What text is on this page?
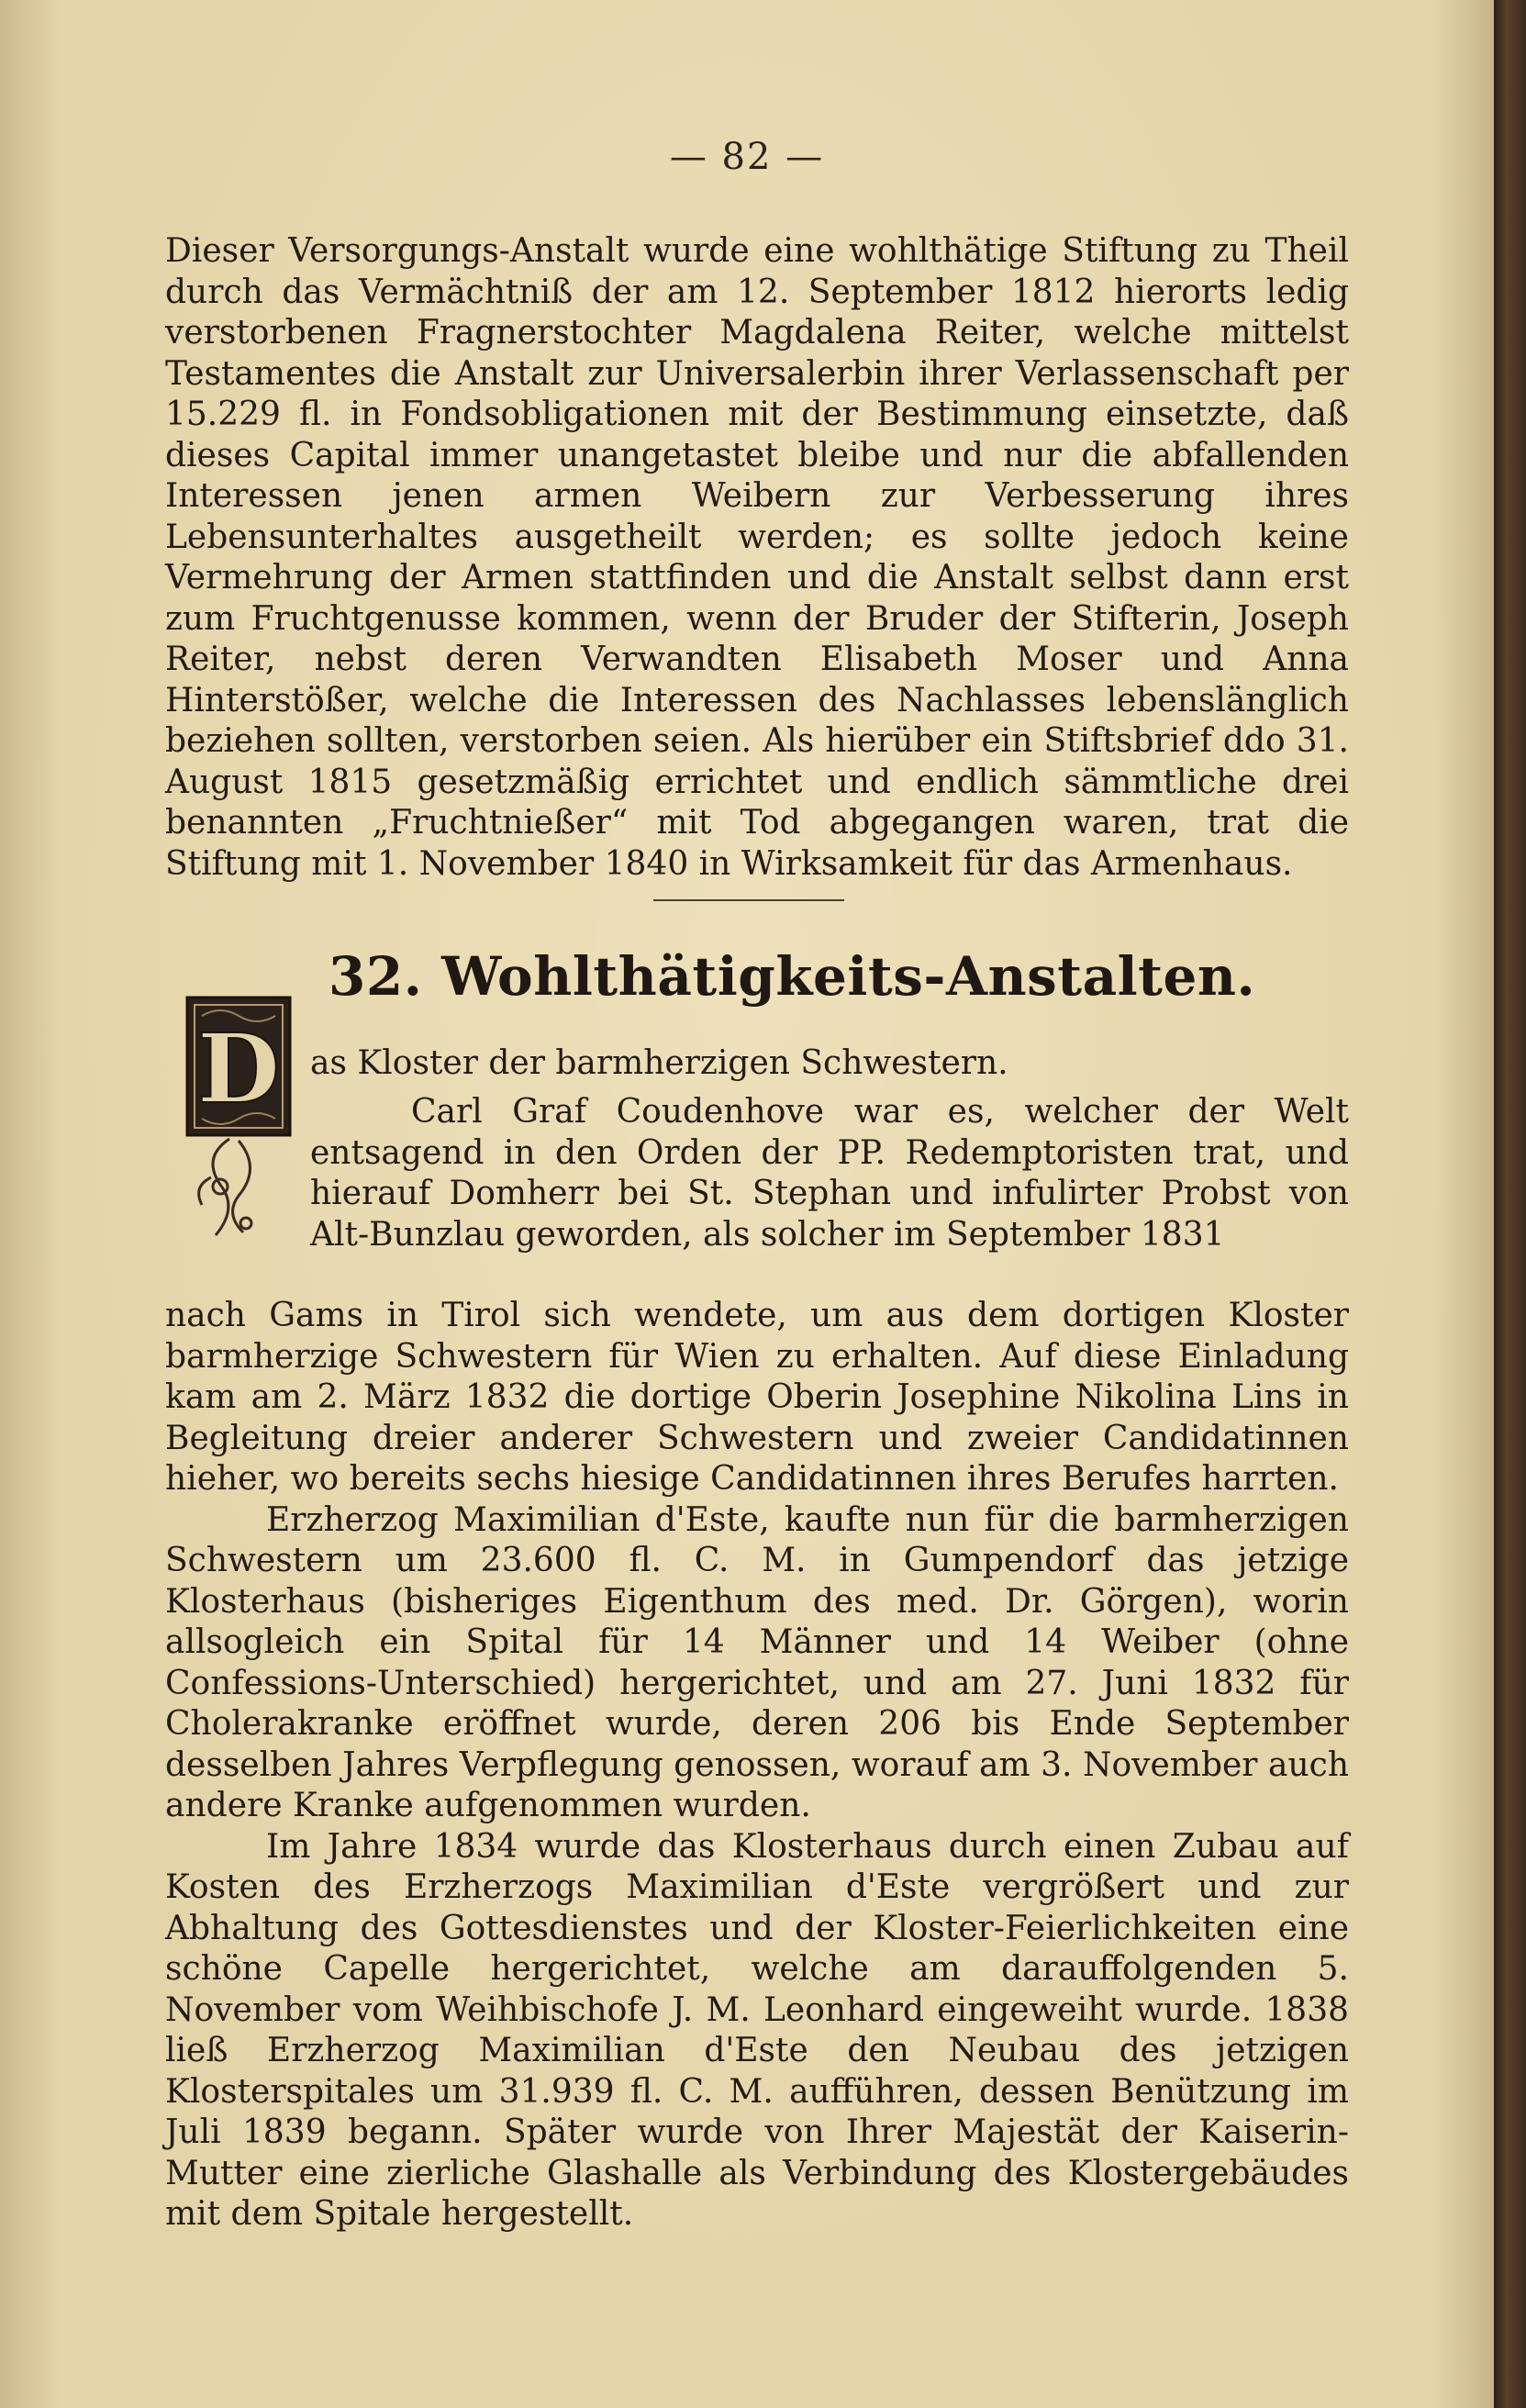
— 82 —

Dieser Versorgungs-Anstalt wurde eine wohlthätige Stiftung zu Theil durch das Vermächtniß der am 12. September 1812 hierorts ledig verstorbenen Fragnerstochter Magdalena Reiter, welche mittelst Testamentes die Anstalt zur Universalerbin ihrer Verlassenschaft per 15.229 fl. in Fondsobligationen mit der Bestimmung einsetzte, daß dieses Capital immer unangetastet bleibe und nur die abfallenden Interessen jenen armen Weibern zur Verbesserung ihres Lebensunterhaltes ausgetheilt werden; es sollte jedoch keine Vermehrung der Armen stattfinden und die Anstalt selbst dann erst zum Fruchtgenusse kommen, wenn der Bruder der Stifterin, Joseph Reiter, nebst deren Verwandten Elisabeth Moser und Anna Hinterstößer, welche die Interessen des Nachlasses lebenslänglich beziehen sollten, verstorben seien. Als hierüber ein Stiftsbrief ddo 31. August 1815 gesetzmäßig errichtet und endlich sämmtliche drei benannten „Fruchtnießer“ mit Tod abgegangen waren, trat die Stiftung mit 1. November 1840 in Wirksamkeit für das Armenhaus.

32. Wohlthätigkeits-Anstalten.
D as Kloster der barmherzigen Schwestern.

Carl Graf Coudenhove war es, welcher der Welt entsagend in den Orden der PP. Redemptoristen trat, und hierauf Domherr bei St. Stephan und infulirter Probst von Alt-Bunzlau geworden, als solcher im September 1831

nach Gams in Tirol sich wendete, um aus dem dortigen Kloster barmherzige Schwestern für Wien zu erhalten. Auf diese Einladung kam am 2. März 1832 die dortige Oberin Josephine Nikolina Lins in Begleitung dreier anderer Schwestern und zweier Candidatinnen hieher, wo bereits sechs hiesige Candidatinnen ihres Berufes harrten.

Erzherzog Maximilian d'Este, kaufte nun für die barmherzigen Schwestern um 23.600 fl. C. M. in Gumpendorf das jetzige Klosterhaus (bisheriges Eigenthum des med. Dr. Görgen), worin allsogleich ein Spital für 14 Männer und 14 Weiber (ohne Confessions-Unterschied) hergerichtet, und am 27. Juni 1832 für Cholerakranke eröffnet wurde, deren 206 bis Ende September desselben Jahres Verpflegung genossen, worauf am 3. November auch andere Kranke aufgenommen wurden.

Im Jahre 1834 wurde das Klosterhaus durch einen Zubau auf Kosten des Erzherzogs Maximilian d'Este vergrößert und zur Abhaltung des Gottesdienstes und der Kloster-Feierlichkeiten eine schöne Capelle hergerichtet, welche am darauffolgenden 5. November vom Weihbischofe J. M. Leonhard eingeweiht wurde. 1838 ließ Erzherzog Maximilian d'Este den Neubau des jetzigen Klosterspitales um 31.939 fl. C. M. aufführen, dessen Benützung im Juli 1839 begann. Später wurde von Ihrer Majestät der Kaiserin-Mutter eine zierliche Glashalle als Verbindung des Klostergebäudes mit dem Spitale hergestellt.
